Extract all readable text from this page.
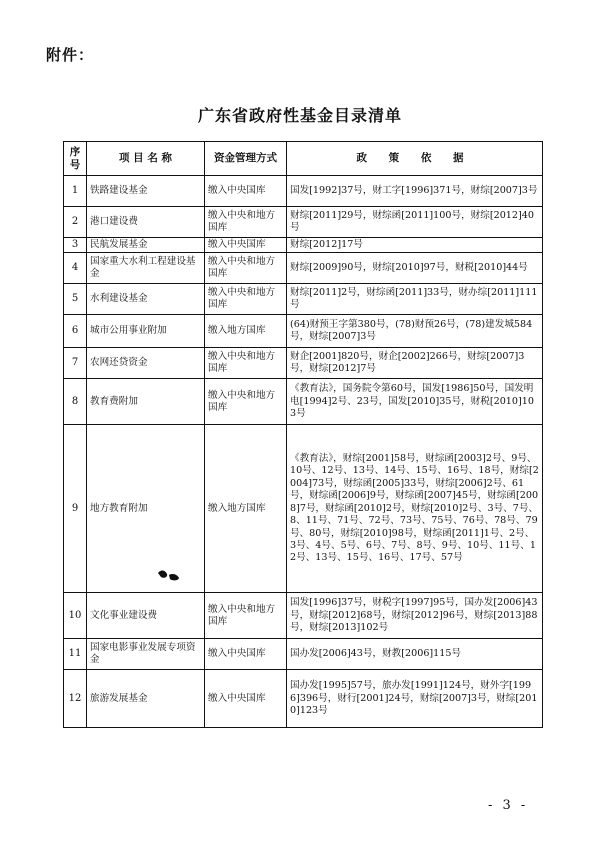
附件：
广东省政府性基金目录清单
序号	项 目 名 称	资金管理方式	政 策 依 据
1	铁路建设基金	缴入中央国库	国发[1992]37号，财工字[1996]371号，财综[2007]3号
2	港口建设费	缴入中央和地方国库	财综[2011]29号，财综函[2011]100号，财综[2012]40号
3	民航发展基金	缴入中央国库	财综[2012]17号
4	国家重大水利工程建设基金	缴入中央和地方国库	财综[2009]90号，财综[2010]97号，财税[2010]44号
5	水利建设基金	缴入中央和地方国库	财综[2011]2号，财综函[2011]33号，财办综[2011]111号
6	城市公用事业附加	缴入地方国库	(64)财预王字第380号，(78)财预26号，(78)建发城584号，财综[2007]3号
7	农网还贷资金	缴入中央和地方国库	财企[2001]820号，财企[2002]266号，财综[2007]3号，财综[2012]7号
8	教育费附加	缴入中央和地方国库	《教育法》，国务院令第60号，国发[1986]50号，国发明电[1994]2号、23号，国发[2010]35号，财税[2010]103号
9	地方教育附加	缴入地方国库	《教育法》，财综[2001]58号，财综函[2003]2号、9号、10号、12号、13号、14号、15号、16号、18号，财综[2004]73号，财综函[2005]33号，财综[2006]2号、61号，财综函[2006]9号，财综函[2007]45号，财综函[2008]7号，财综函[2010]2号，财综[2010]2号、3号、7号、8、11号、71号、72号、73号、75号、76号、78号、79号、80号，财综[2010]98号，财综函[2011]1号、2号、3号、4号、5号、6号、7号、8号、9号、10号、11号、12号、13号、15号、16号、17号、57号
10	文化事业建设费	缴入中央和地方国库	国发[1996]37号，财税字[1997]95号，国办发[2006]43号，财综[2012]68号，财综[2012]96号，财综[2013]88号，财综[2013]102号
11	国家电影事业发展专项资金	缴入中央国库	国办发[2006]43号，财教[2006]115号
12	旅游发展基金	缴入中央国库	国办发[1995]57号，旅办发[1991]124号，财外字[1996]396号，财行[2001]24号，财综[2007]3号，财综[2010]123号
- 3 -
